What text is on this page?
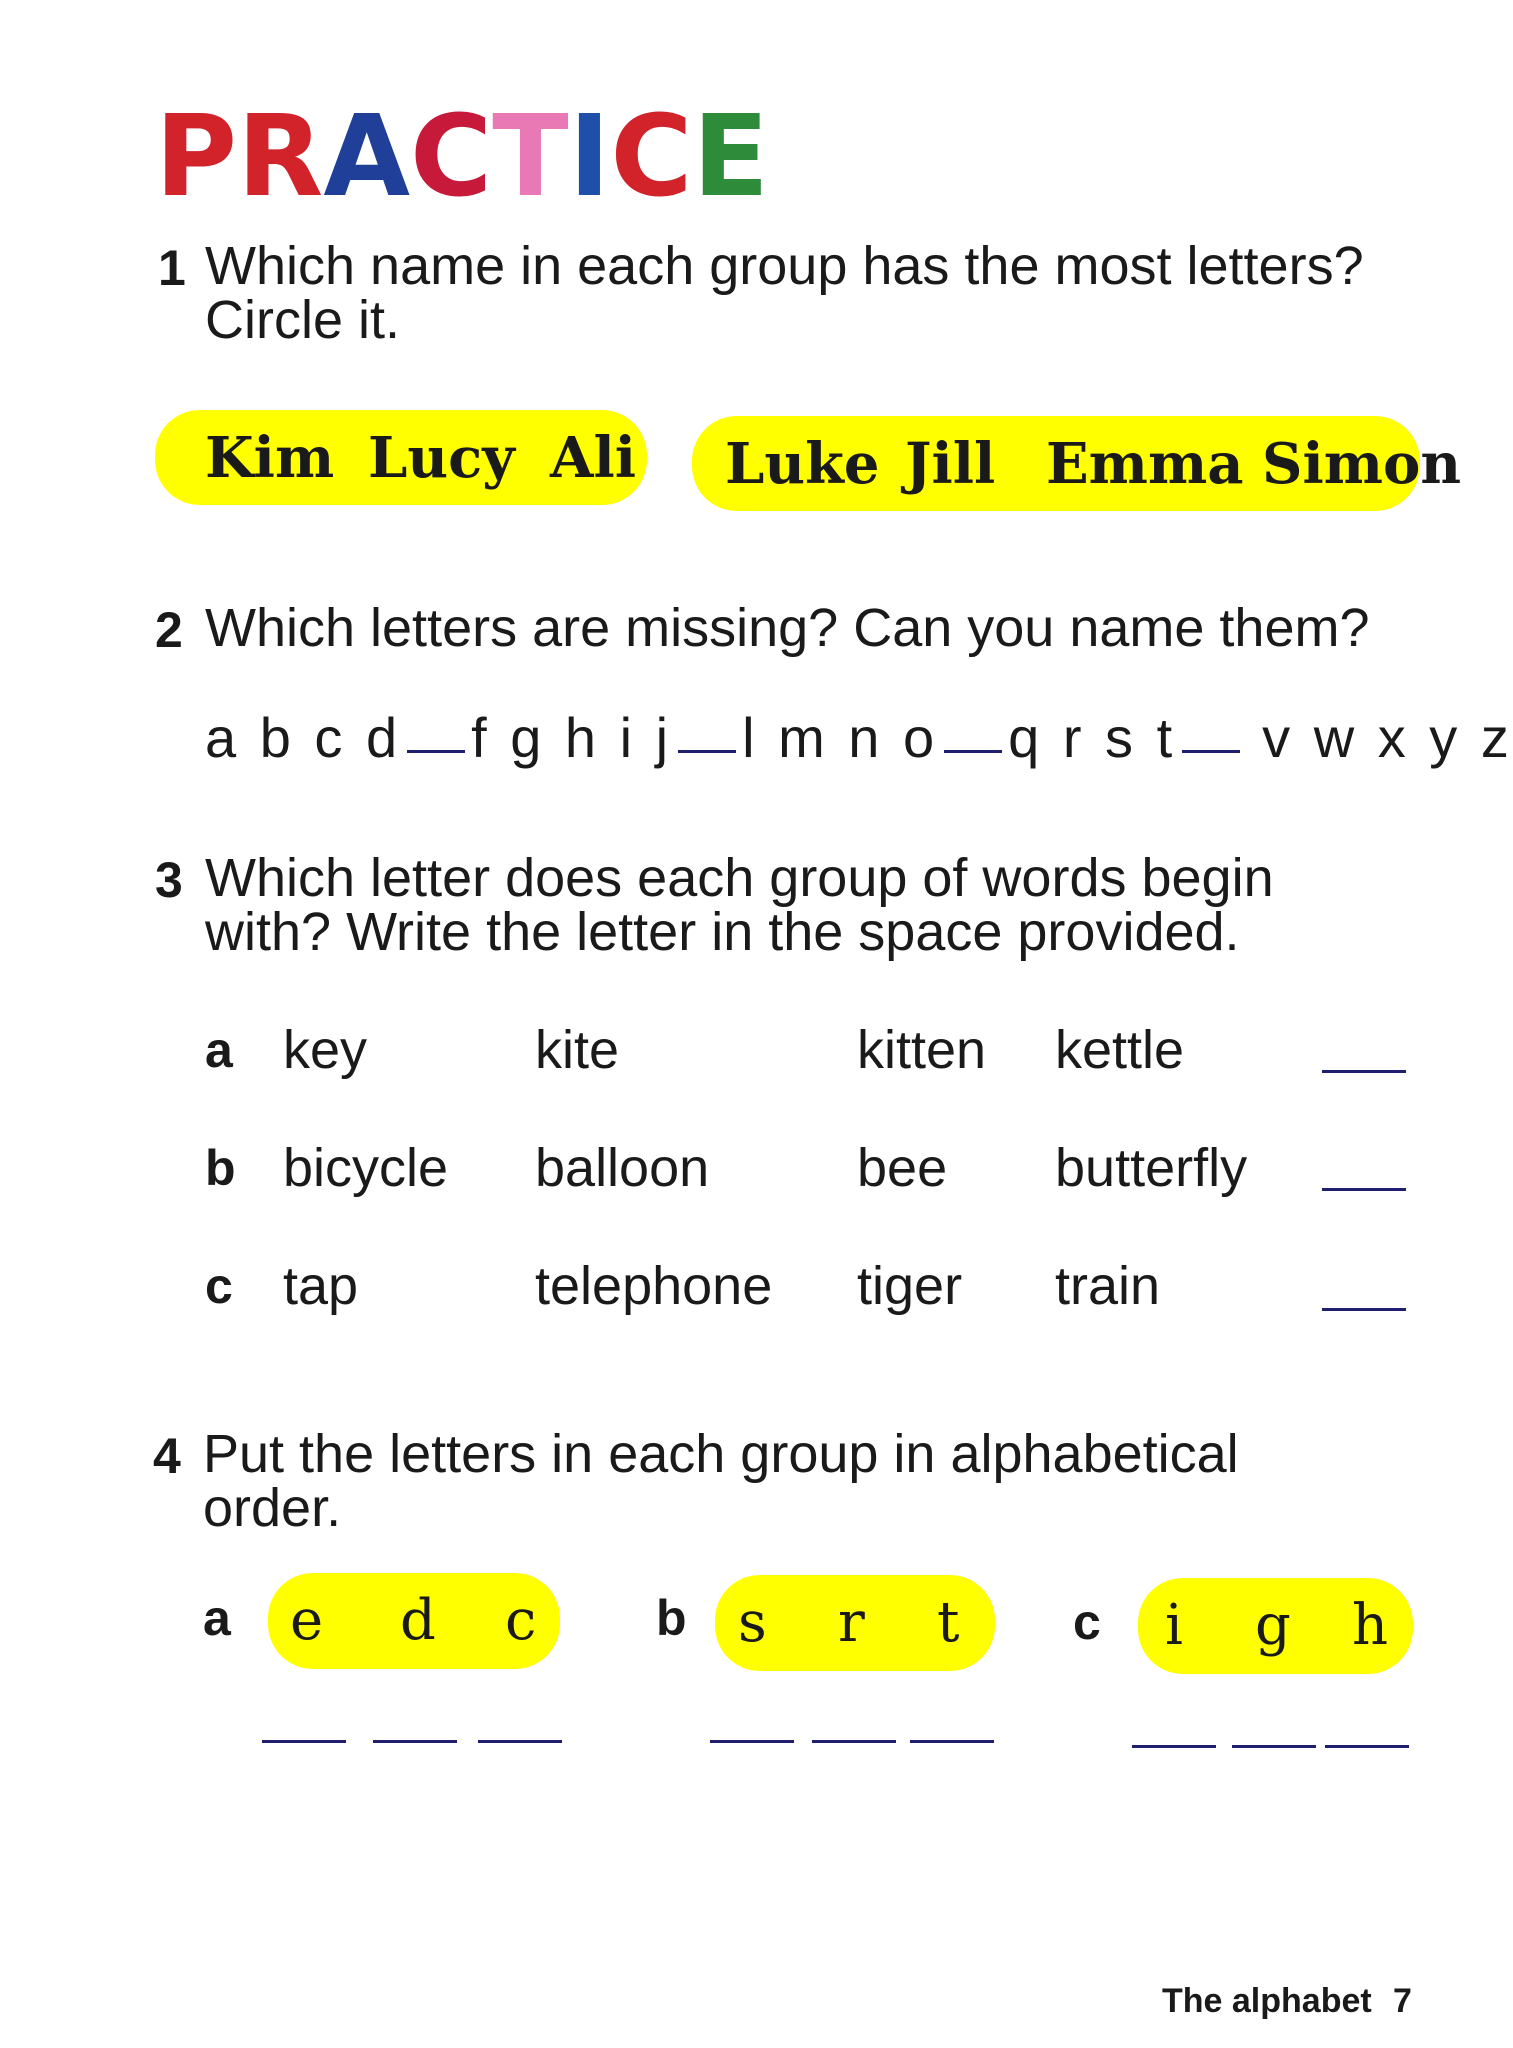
PRACTICE
1 Which name in each group has the most letters?
Circle it.
Kim Lucy Ali Luke Jill Emma Simon
2 Which letters are missing? Can you name them?
a b c d f g h i j l m n o q r s t v w x y z
3 Which letter does each group of words begin
with? Write the letter in the space provided.
a key	kite	kitten kettle
b bicycle balloon	bee butterfly
c tap	telephone tiger train
4 Put the letters in each group in alphabetical
order.
a e d c b s r t c i g h
The alphabet 7
